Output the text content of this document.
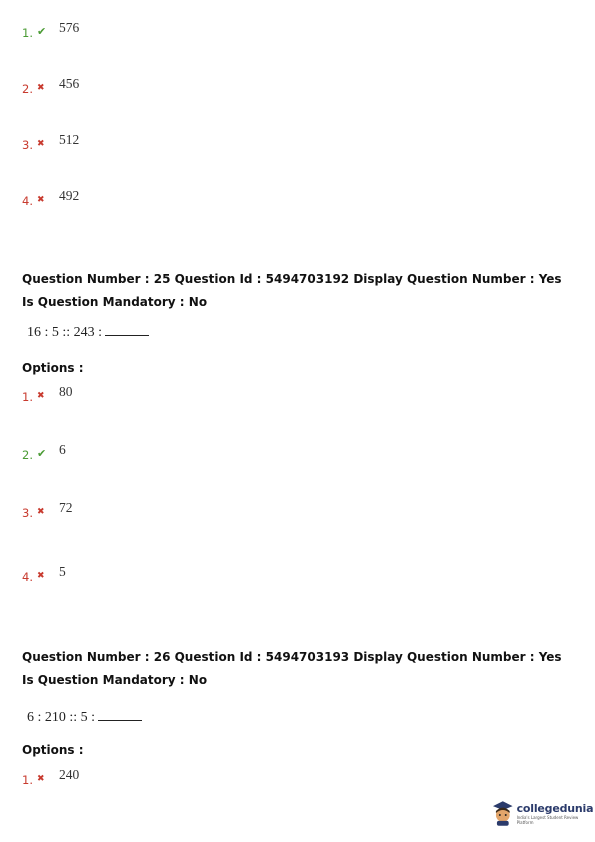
1. ✔ 576
2. ✖	456
3. ✖	512
4. ✖	492
Question Number : 25 Question Id : 5494703192 Display Question Number : Yes Is Question Mandatory : No
16 : 5 :: 243 :
Options :
1. ✖	80
2. ✔ 6
3. ✖	72
4. ✖	5
Question Number : 26 Question Id : 5494703193 Display Question Number : Yes Is Question Mandatory : No
6 : 210 :: 5 :
Options :
1. ✖	240
collegedunia
India's Largest Student Review Platform
